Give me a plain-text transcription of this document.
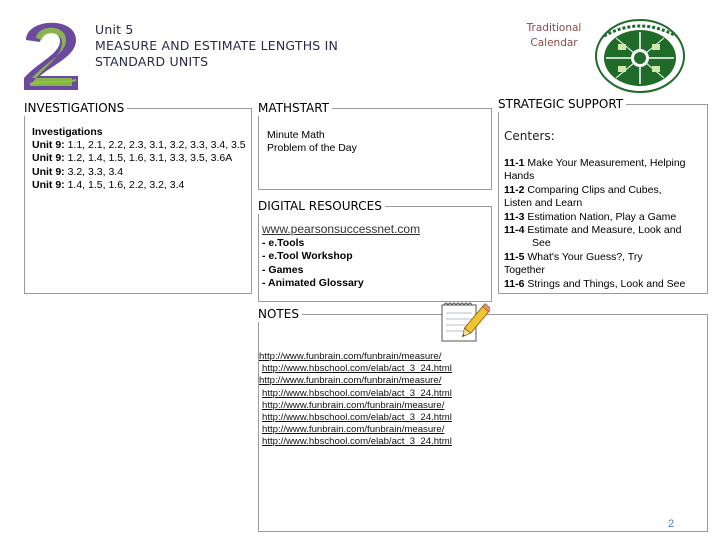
Unit 5
MEASURE AND ESTIMATE LENGTHS IN
STANDARD UNITS
Traditional
Calendar
INVESTIGATIONS
Investigations
Unit 9: 1.1, 2.1, 2.2, 2.3, 3.1, 3.2, 3.3, 3.4, 3.5
Unit 9: 1.2, 1.4, 1.5, 1.6, 3.1, 3.3, 3.5, 3.6A
Unit 9: 3.2, 3.3, 3.4
Unit 9: 1.4, 1.5, 1.6, 2.2, 3.2, 3.4
MATHSTART
Minute Math
Problem of the Day
DIGITAL RESOURCES
www.pearsonsuccessnet.com
- e.Tools
- e.Tool Workshop
- Games
- Animated Glossary
STRATEGIC SUPPORT
Centers:
11-1 Make Your Measurement, Helping
Hands
11-2 Comparing Clips and Cubes,
Listen and Learn
11-3 Estimation Nation, Play a Game
11-4 Estimate and Measure, Look and
See
11-5 What's Your Guess?, Try
Together
11-6 Strings and Things, Look and See
NOTES
http://www.funbrain.com/funbrain/measure/
http://www.hbschool.com/elab/act_3_24.html
http://www.funbrain.com/funbrain/measure/
http://www.hbschool.com/elab/act_3_24.html
http://www.funbrain.com/funbrain/measure/
http://www.hbschool.com/elab/act_3_24.html
http://www.funbrain.com/funbrain/measure/
http://www.hbschool.com/elab/act_3_24.html
2
